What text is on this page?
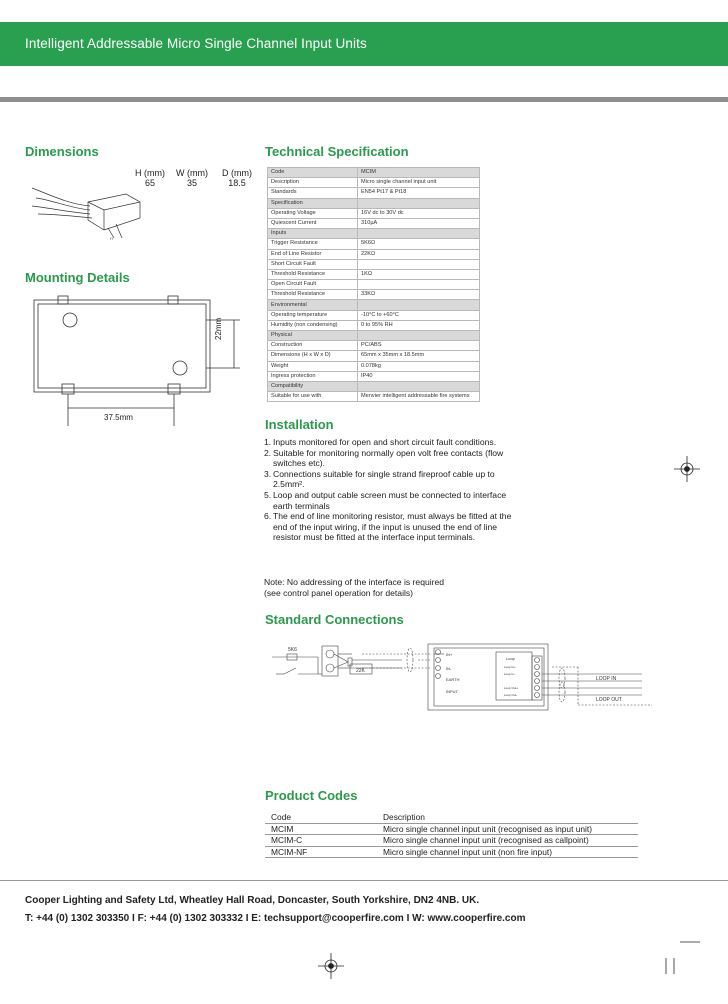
Intelligent Addressable Micro Single Channel Input Units
Dimensions
H (mm)	W (mm)	D (mm)
65	35	18.5
H
Mounting Details
22mm
37.5mm
Technical Specification
Code	MCIM
Description	Micro single channel input unit
Standards	EN54 Pt17 & Pt18
Specification	
Operating Voltage	16V dc to 30V dc
Quiescent Current	310µA
Inputs	
Trigger Resistance	5K6Ω
End of Line Resistor	22KΩ
Short Circuit Fault	
Threshold Resistance	1KΩ
Open Circuit Fault	
Threshold Resistance	33KΩ
Environmental	
Operating temperature	-10°C to +60°C
Humidity (non condensing)	0 to 95% RH
Physical	
Construction	PC/ABS
Dimensions (H x W x D)	65mm x 35mm x 18.5mm
Weight	0.078kg
Ingress protection	IP40
Compatibility	
Suitable for use with	Menvier intelligent addressable fire systems
Installation
1. Inputs monitored for open and short circuit fault conditions.
2. Suitable for monitoring normally open volt free contacts (flow switches etc).
3. Connections suitable for single strand fireproof cable up to 2.5mm².
5. Loop and output cable screen must be connected to interface earth terminals
6. The end of line monitoring resistor, must always be fitted at the end of the input wiring, if the input is unused the end of line resistor must be fitted at the interface input terminals.
Note: No addressing of the interface is required
(see control panel operation for details)
Standard Connections
5K6
22K
IN+
IN-
EARTH
INPUT
Loop
Loop In+
Loop In-
Loop Out+
Loop Out-
LOOP IN
LOOP OUT
Product Codes
Code	Description
MCIM	Micro single channel input unit (recognised as input unit)
MCIM-C	Micro single channel input unit (recognised as callpoint)
MCIM-NF	Micro single channel input unit (non fire input)
Cooper Lighting and Safety Ltd, Wheatley Hall Road, Doncaster, South Yorkshire, DN2 4NB. UK.
T: +44 (0) 1302 303350 I F: +44 (0) 1302 303332 I E: techsupport@cooperfire.com I W: www.cooperfire.com
